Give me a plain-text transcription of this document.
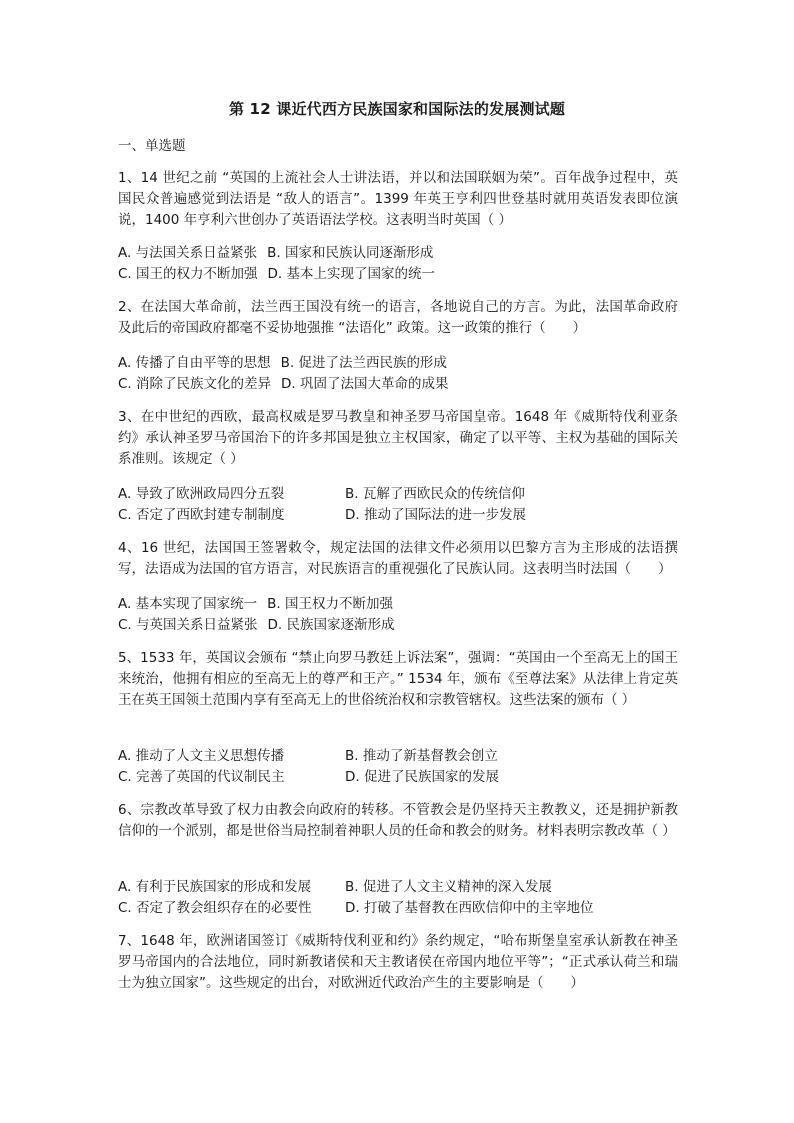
第 12 课近代西方民族国家和国际法的发展测试题
一、单选题
1、14 世纪之前 “英国的上流社会人士讲法语，并以和法国联姻为荣”。百年战争过程中，英国民众普遍感觉到法语是 “敌人的语言”。1399 年英王亨利四世登基时就用英语发表即位演说，1400 年亨利六世创办了英语语法学校。这表明当时英国（ ）
A. 与法国关系日益紧张 B. 国家和民族认同逐渐形成
C. 国王的权力不断加强 D. 基本上实现了国家的统一
2、在法国大革命前，法兰西王国没有统一的语言，各地说自己的方言。为此，法国革命政府及此后的帝国政府都毫不妥协地强推 “法语化” 政策。这一政策的推行（　　）
A. 传播了自由平等的思想 B. 促进了法兰西民族的形成
C. 消除了民族文化的差异 D. 巩固了法国大革命的成果
3、在中世纪的西欧，最高权威是罗马教皇和神圣罗马帝国皇帝。1648 年《威斯特伐利亚条约》承认神圣罗马帝国治下的许多邦国是独立主权国家，确定了以平等、主权为基础的国际关系准则。该规定（ ）
A. 导致了欧洲政局四分五裂	B. 瓦解了西欧民众的传统信仰
C. 否定了西欧封建专制制度	D. 推动了国际法的进一步发展
4、16 世纪，法国国王签署敕令，规定法国的法律文件必须用以巴黎方言为主形成的法语撰写，法语成为法国的官方语言，对民族语言的重视强化了民族认同。这表明当时法国（　　）
A. 基本实现了国家统一 B. 国王权力不断加强
C. 与英国关系日益紧张 D. 民族国家逐渐形成
5、1533 年，英国议会颁布 “禁止向罗马教廷上诉法案”，强调：“英国由一个至高无上的国王来统治，他拥有相应的至高无上的尊严和王产。” 1534 年，颁布《至尊法案》从法律上肯定英王在英王国领土范围内享有至高无上的世俗统治权和宗教管辖权。这些法案的颁布（ ）
A. 推动了人文主义思想传播	B. 推动了新基督教会创立
C. 完善了英国的代议制民主	D. 促进了民族国家的发展
6、宗教改革导致了权力由教会向政府的转移。不管教会是仍坚持天主教教义，还是拥护新教信仰的一个派别，都是世俗当局控制着神职人员的任命和教会的财务。材料表明宗教改革（ ）
A. 有利于民族国家的形成和发展	B. 促进了人文主义精神的深入发展
C. 否定了教会组织存在的必要性	D. 打破了基督教在西欧信仰中的主宰地位
7、1648 年，欧洲诸国签订《威斯特伐利亚和约》条约规定，“哈布斯堡皇室承认新教在神圣罗马帝国内的合法地位，同时新教诸侯和天主教诸侯在帝国内地位平等”；“正式承认荷兰和瑞士为独立国家”。这些规定的出台，对欧洲近代政治产生的主要影响是（　　）
